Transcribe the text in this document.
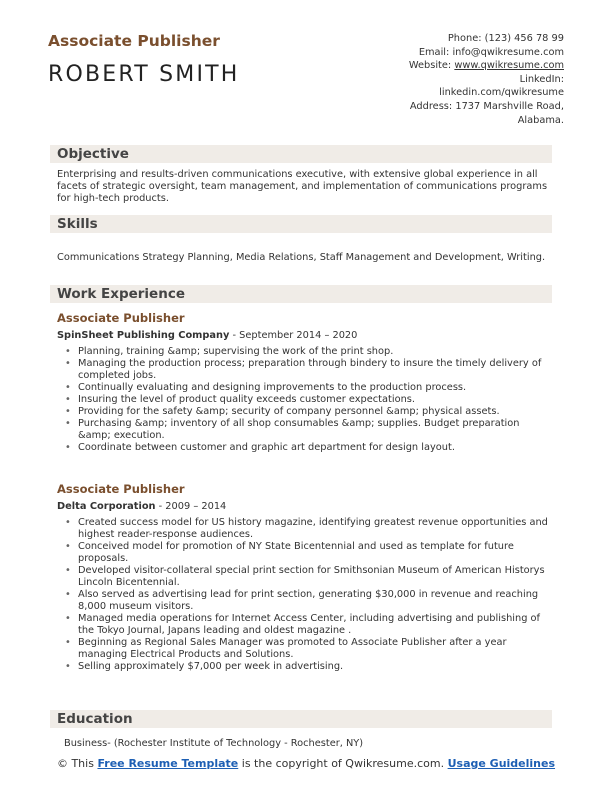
Associate Publisher
ROBERT SMITH
Phone: (123) 456 78 99
Email: info@qwikresume.com
Website: www.qwikresume.com
LinkedIn:
linkedin.com/qwikresume
Address: 1737 Marshville Road,
Alabama.
Objective
Enterprising and results-driven communications executive, with extensive global experience in all facets of strategic oversight, team management, and implementation of communications programs for high-tech products.
Skills
Communications Strategy Planning, Media Relations, Staff Management and Development, Writing.
Work Experience
Associate Publisher
SpinSheet Publishing Company - September 2014 – 2020
• Planning, training &amp; supervising the work of the print shop.
• Managing the production process; preparation through bindery to insure the timely delivery of completed jobs.
• Continually evaluating and designing improvements to the production process.
• Insuring the level of product quality exceeds customer expectations.
• Providing for the safety &amp; security of company personnel &amp; physical assets.
• Purchasing &amp; inventory of all shop consumables &amp; supplies. Budget preparation &amp; execution.
• Coordinate between customer and graphic art department for design layout.
Associate Publisher
Delta Corporation - 2009 – 2014
• Created success model for US history magazine, identifying greatest revenue opportunities and highest reader-response audiences.
• Conceived model for promotion of NY State Bicentennial and used as template for future proposals.
• Developed visitor-collateral special print section for Smithsonian Museum of American Historys Lincoln Bicentennial.
• Also served as advertising lead for print section, generating $30,000 in revenue and reaching 8,000 museum visitors.
• Managed media operations for Internet Access Center, including advertising and publishing of the Tokyo Journal, Japans leading and oldest magazine .
• Beginning as Regional Sales Manager was promoted to Associate Publisher after a year managing Electrical Products and Solutions.
• Selling approximately $7,000 per week in advertising.
Education
Business- (Rochester Institute of Technology - Rochester, NY)
© This Free Resume Template is the copyright of Qwikresume.com. Usage Guidelines
